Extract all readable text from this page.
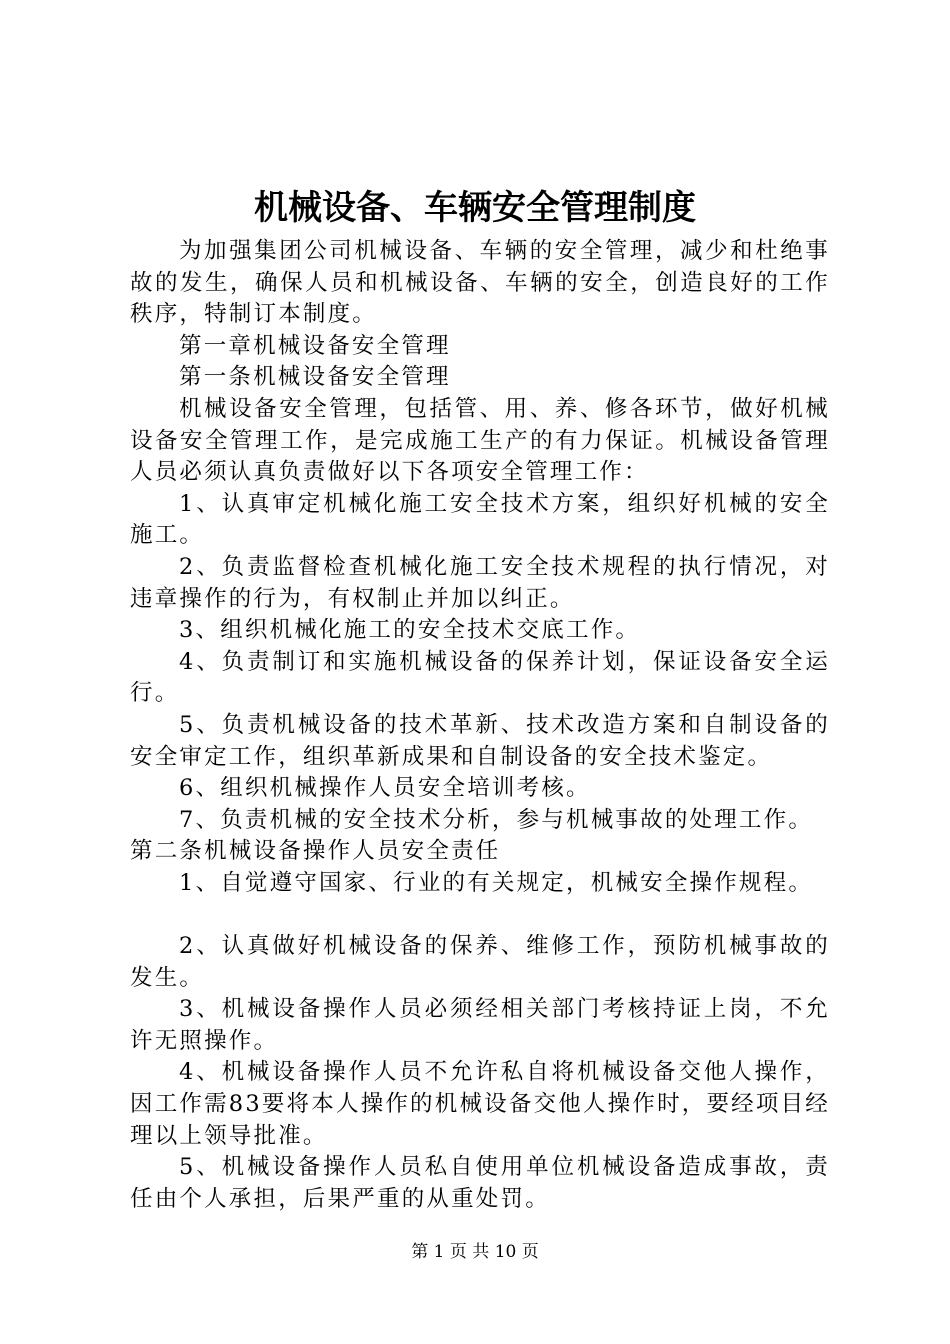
机械设备、车辆安全管理制度

为加强集团公司机械设备、车辆的安全管理，减少和杜绝事故的发生，确保人员和机械设备、车辆的安全，创造良好的工作秩序，特制订本制度。

第一章机械设备安全管理

第一条机械设备安全管理

机械设备安全管理，包括管、用、养、修各环节，做好机械设备安全管理工作，是完成施工生产的有力保证。机械设备管理人员必须认真负责做好以下各项安全管理工作：

1、认真审定机械化施工安全技术方案，组织好机械的安全施工。

2、负责监督检查机械化施工安全技术规程的执行情况，对违章操作的行为，有权制止并加以纠正。

3、组织机械化施工的安全技术交底工作。

4、负责制订和实施机械设备的保养计划，保证设备安全运行。

5、负责机械设备的技术革新、技术改造方案和自制设备的安全审定工作，组织革新成果和自制设备的安全技术鉴定。

6、组织机械操作人员安全培训考核。

7、负责机械的安全技术分析，参与机械事故的处理工作。

第二条机械设备操作人员安全责任

1、自觉遵守国家、行业的有关规定，机械安全操作规程。

2、认真做好机械设备的保养、维修工作，预防机械事故的发生。

3、机械设备操作人员必须经相关部门考核持证上岗，不允许无照操作。

4、机械设备操作人员不允许私自将机械设备交他人操作，因工作需83要将本人操作的机械设备交他人操作时，要经项目经理以上领导批准。

5、机械设备操作人员私自使用单位机械设备造成事故，责任由个人承担，后果严重的从重处罚。

第 1 页 共 10 页
